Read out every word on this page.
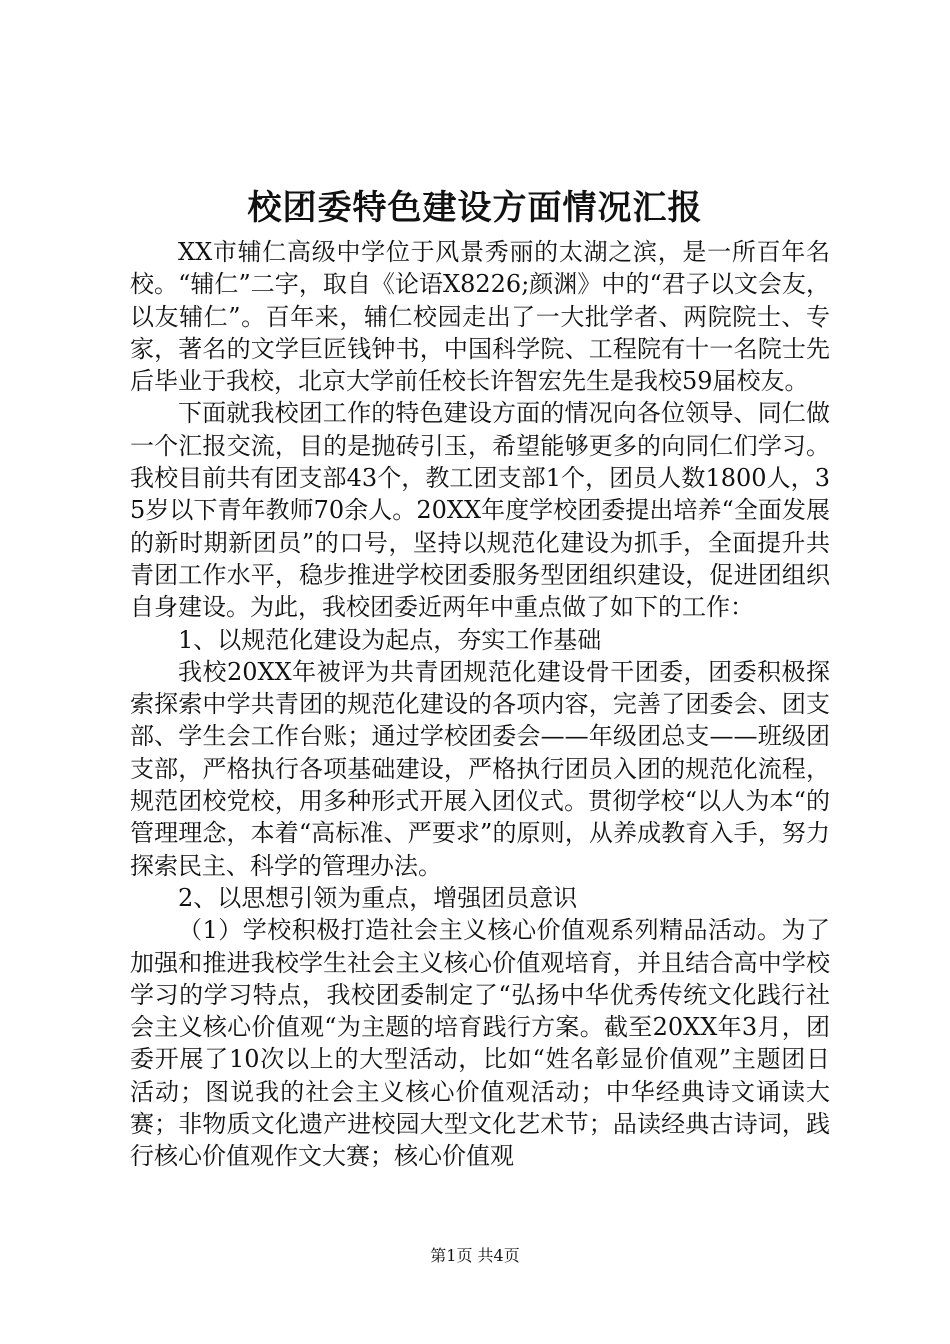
校团委特色建设方面情况汇报

XX市辅仁高级中学位于风景秀丽的太湖之滨，是一所百年名校。“辅仁”二字，取自《论语X8226;颜渊》中的“君子以文会友，以友辅仁”。百年来，辅仁校园走出了一大批学者、两院院士、专家，著名的文学巨匠钱钟书，中国科学院、工程院有十一名院士先后毕业于我校，北京大学前任校长许智宏先生是我校59届校友。

下面就我校团工作的特色建设方面的情况向各位领导、同仁做一个汇报交流，目的是抛砖引玉，希望能够更多的向同仁们学习。我校目前共有团支部43个，教工团支部1个，团员人数1800人，35岁以下青年教师70余人。20XX年度学校团委提出培养“全面发展的新时期新团员”的口号，坚持以规范化建设为抓手，全面提升共青团工作水平，稳步推进学校团委服务型团组织建设，促进团组织自身建设。为此，我校团委近两年中重点做了如下的工作：

1、以规范化建设为起点，夯实工作基础

我校20XX年被评为共青团规范化建设骨干团委，团委积极探索探索中学共青团的规范化建设的各项内容，完善了团委会、团支部、学生会工作台账；通过学校团委会——年级团总支——班级团支部，严格执行各项基础建设，严格执行团员入团的规范化流程，规范团校党校，用多种形式开展入团仪式。贯彻学校“以人为本“的管理理念，本着“高标准、严要求”的原则，从养成教育入手，努力探索民主、科学的管理办法。

2、以思想引领为重点，增强团员意识

（1）学校积极打造社会主义核心价值观系列精品活动。为了加强和推进我校学生社会主义核心价值观培育，并且结合高中学校学习的学习特点，我校团委制定了“弘扬中华优秀传统文化践行社会主义核心价值观“为主题的培育践行方案。截至20XX年3月，团委开展了10次以上的大型活动，比如“姓名彰显价值观”主题团日活动；图说我的社会主义核心价值观活动；中华经典诗文诵读大赛；非物质文化遗产进校园大型文化艺术节；品读经典古诗词，践行核心价值观作文大赛；核心价值观

第1页 共4页
